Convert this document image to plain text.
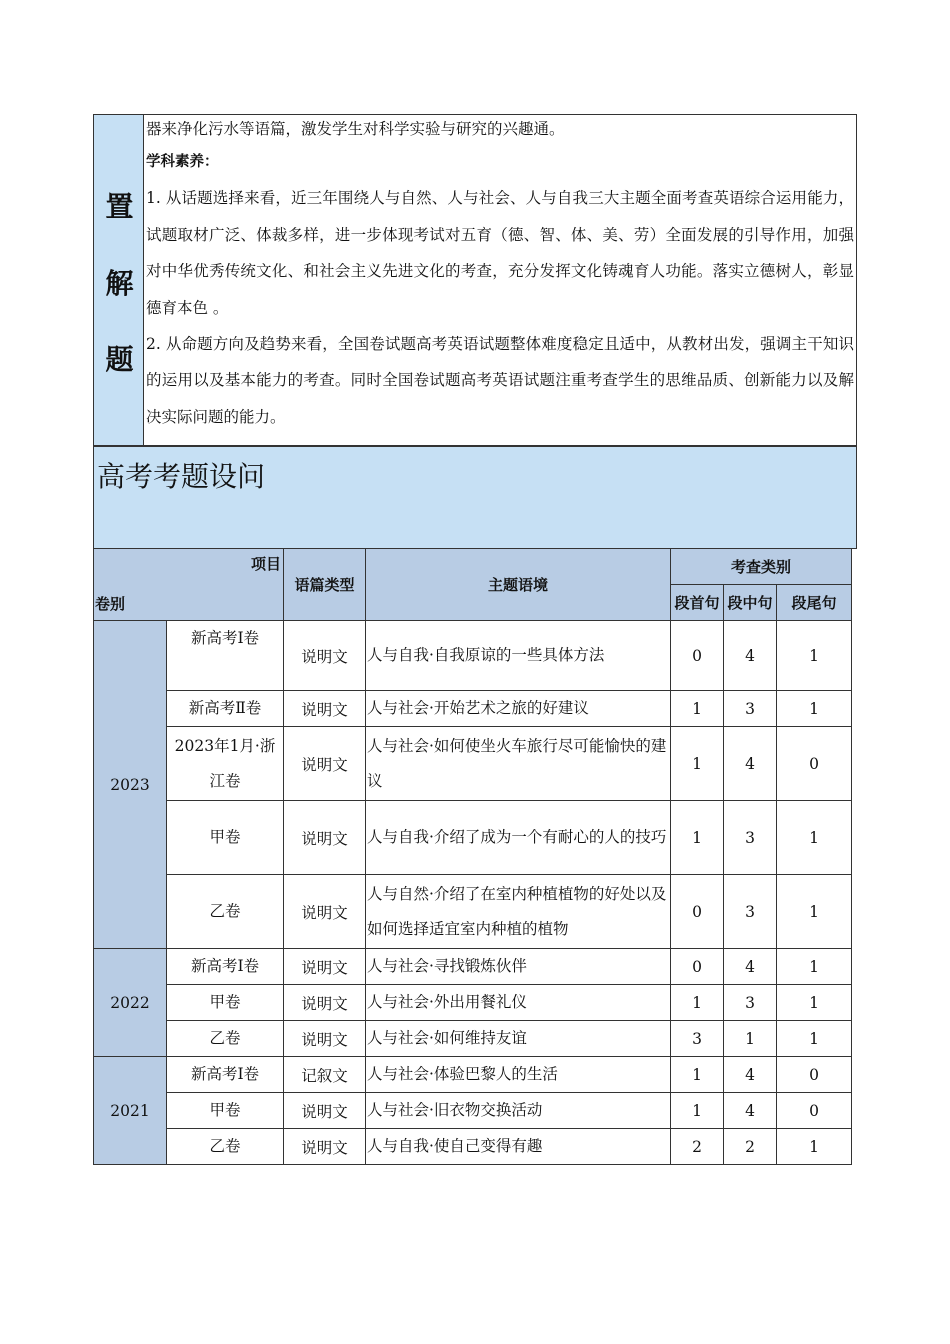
置
解
题

器来净化污水等语篇，激发学生对科学实验与研究的兴趣通。

学科素养：

1. 从话题选择来看，近三年围绕人与自然、人与社会、人与自我三大主题全面考查英语综合运用能力，试题取材广泛、体裁多样，进一步体现考试对五育（德、智、体、美、劳）全面发展的引导作用，加强对中华优秀传统文化、和社会主义先进文化的考查，充分发挥文化铸魂育人功能。落实立德树人，彰显德育本色 。

2. 从命题方向及趋势来看，全国卷试题高考英语试题整体难度稳定且适中，从教材出发，强调主干知识的运用以及基本能力的考查。同时全国卷试题高考英语试题注重考查学生的思维品质、创新能力以及解决实际问题的能力。

高考考题设问
项目
卷别		语篇类型	主题语境	考查类别		
				段首句	段中句	段尾句
2023	新高考Ⅰ卷	说明文	人与自我·自我原谅的一些具体方法	0	4	1
	新高考Ⅱ卷	说明文	人与社会·开始艺术之旅的好建议	1	3	1
	2023年1月·浙江卷	说明文	人与社会·如何使坐火车旅行尽可能愉快的建议	1	4	0
	甲卷	说明文	人与自我·介绍了成为一个有耐心的人的技巧	1	3	1
	乙卷	说明文	人与自然·介绍了在室内种植植物的好处以及如何选择适宜室内种植的植物	0	3	1
2022	新高考Ⅰ卷	说明文	人与社会·寻找锻炼伙伴	0	4	1
	甲卷	说明文	人与社会·外出用餐礼仪	1	3	1
	乙卷	说明文	人与社会·如何维持友谊	3	1	1
2021	新高考Ⅰ卷	记叙文	人与社会·体验巴黎人的生活	1	4	0
	甲卷	说明文	人与社会·旧衣物交换活动	1	4	0
	乙卷	说明文	人与自我·使自己变得有趣	2	2	1
